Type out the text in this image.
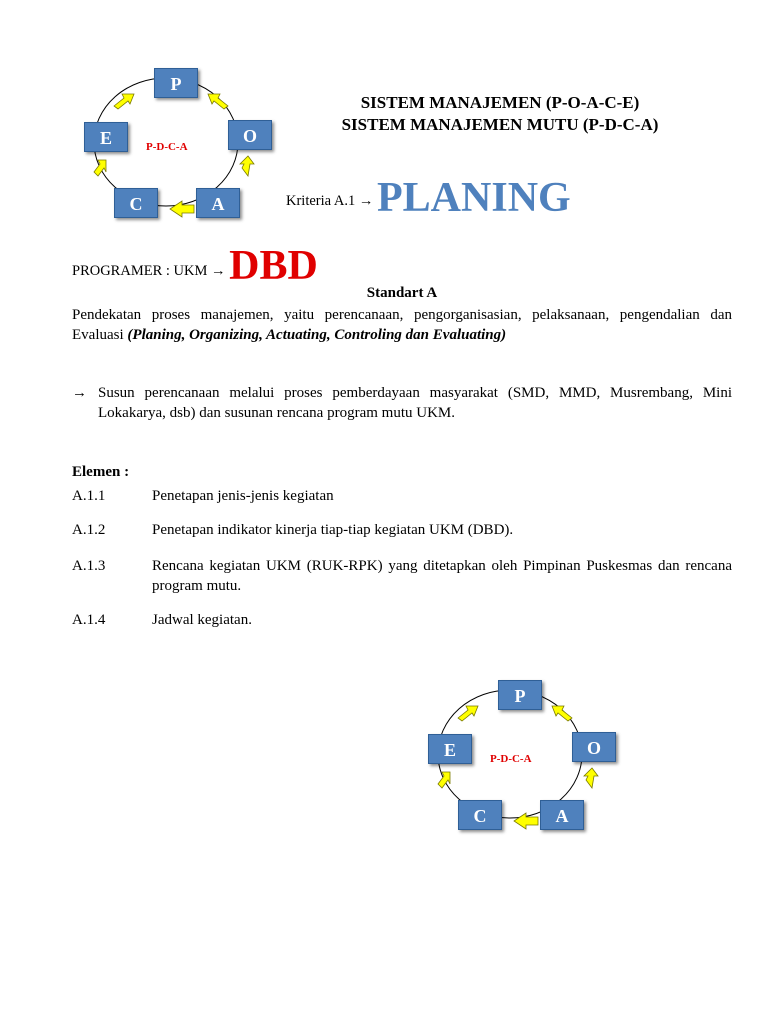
P
O
A
C
E	P-D-C-A
SISTEM MANAJEMEN (P-O-A-C-E)
SISTEM MANAJEMEN MUTU (P-D-C-A)
Kriteria A.1 → PLANING
PROGRAMER : UKM → DBD
Standart A
Pendekatan proses manajemen, yaitu perencanaan, pengorganisasian, pelaksanaan, pengendalian dan Evaluasi (Planing, Organizing, Actuating, Controling dan Evaluating)
→ Susun perencanaan melalui proses pemberdayaan masyarakat (SMD, MMD, Musrembang, Mini Lokakarya, dsb) dan susunan rencana program mutu UKM.
Elemen :
A.1.1	Penetapan jenis-jenis kegiatan
A.1.2	Penetapan indikator kinerja tiap-tiap kegiatan UKM (DBD).
A.1.3	Rencana kegiatan UKM (RUK-RPK) yang ditetapkan oleh Pimpinan Puskesmas dan rencana program mutu.
A.1.4	Jadwal kegiatan.
P
O
A
C
E	P-D-C-A
